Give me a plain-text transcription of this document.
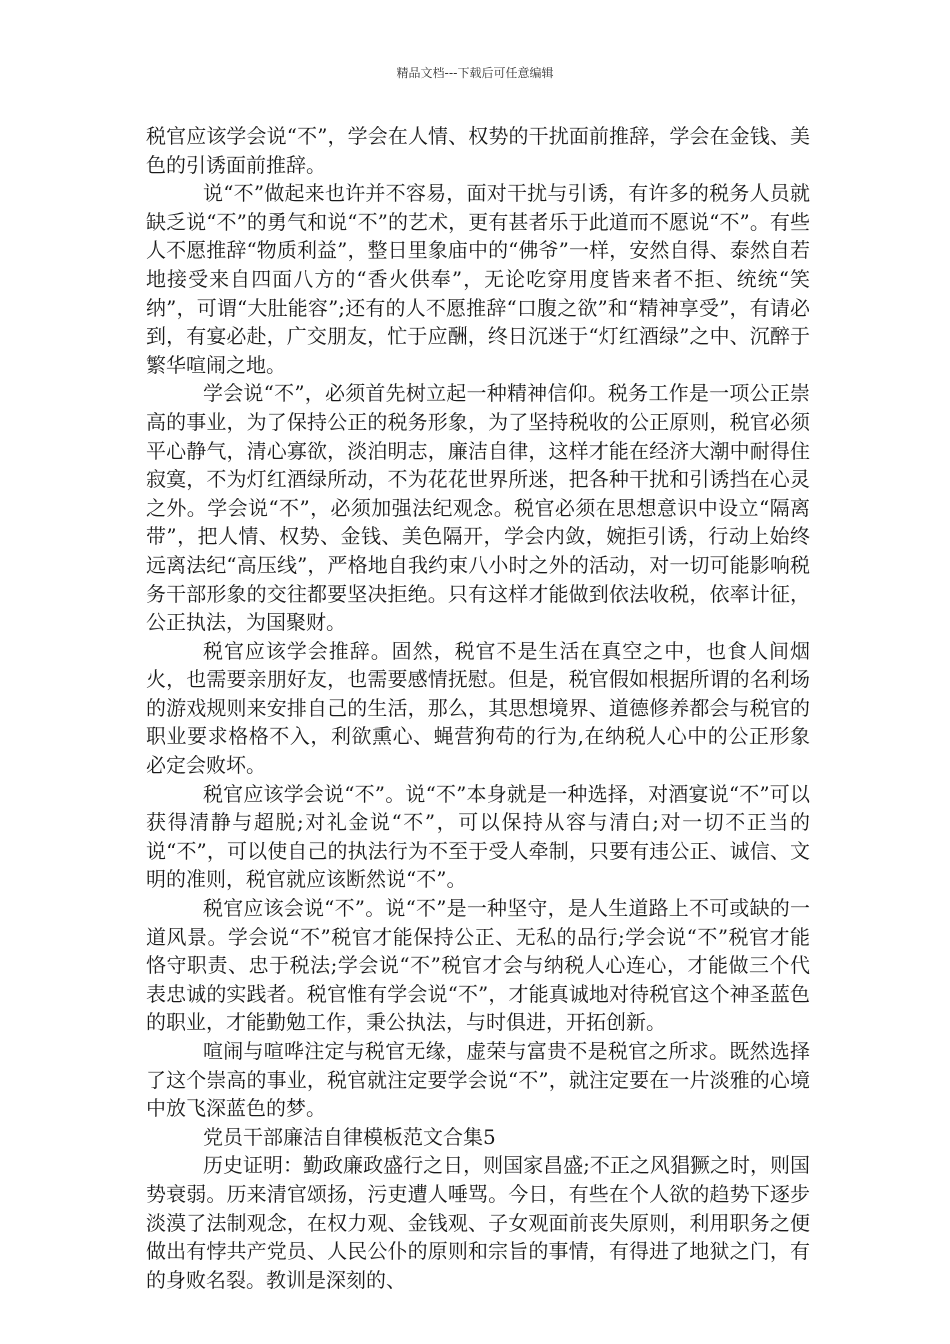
精品文档---下载后可任意编辑

税官应该学会说“不”，学会在人情、权势的干扰面前推辞，学会在金钱、美色的引诱面前推辞。

说“不”做起来也许并不容易，面对干扰与引诱，有许多的税务人员就缺乏说“不”的勇气和说“不”的艺术，更有甚者乐于此道而不愿说“不”。有些人不愿推辞“物质利益”，整日里象庙中的“佛爷”一样，安然自得、泰然自若地接受来自四面八方的“香火供奉”，无论吃穿用度皆来者不拒、统统“笑纳”，可谓“大肚能容”;还有的人不愿推辞“口腹之欲”和“精神享受”，有请必到，有宴必赴，广交朋友，忙于应酬，终日沉迷于“灯红酒绿”之中、沉醉于繁华喧闹之地。

学会说“不”，必须首先树立起一种精神信仰。税务工作是一项公正崇高的事业，为了保持公正的税务形象，为了坚持税收的公正原则，税官必须平心静气，清心寡欲，淡泊明志，廉洁自律，这样才能在经济大潮中耐得住寂寞，不为灯红酒绿所动，不为花花世界所迷，把各种干扰和引诱挡在心灵之外。学会说“不”，必须加强法纪观念。税官必须在思想意识中设立“隔离带”，把人情、权势、金钱、美色隔开，学会内敛，婉拒引诱，行动上始终远离法纪“高压线”，严格地自我约束八小时之外的活动，对一切可能影响税务干部形象的交往都要坚决拒绝。只有这样才能做到依法收税，依率计征，公正执法，为国聚财。

税官应该学会推辞。固然，税官不是生活在真空之中，也食人间烟火，也需要亲朋好友，也需要感情抚慰。但是，税官假如根据所谓的名利场的游戏规则来安排自己的生活，那么，其思想境界、道德修养都会与税官的职业要求格格不入，利欲熏心、蝇营狗苟的行为,在纳税人心中的公正形象必定会败坏。

税官应该学会说“不”。说“不”本身就是一种选择，对酒宴说“不”可以获得清静与超脱;对礼金说“不”，可以保持从容与清白;对一切不正当的说“不”，可以使自己的执法行为不至于受人牵制，只要有违公正、诚信、文明的准则，税官就应该断然说“不”。

税官应该会说“不”。说“不”是一种坚守，是人生道路上不可或缺的一道风景。学会说“不”税官才能保持公正、无私的品行;学会说“不”税官才能恪守职责、忠于税法;学会说“不”税官才会与纳税人心连心，才能做三个代表忠诚的实践者。税官惟有学会说“不”，才能真诚地对待税官这个神圣蓝色的职业，才能勤勉工作，秉公执法，与时俱进，开拓创新。

喧闹与喧哗注定与税官无缘，虚荣与富贵不是税官之所求。既然选择了这个崇高的事业，税官就注定要学会说“不”，就注定要在一片淡雅的心境中放飞深蓝色的梦。

党员干部廉洁自律模板范文合集5

历史证明：勤政廉政盛行之日，则国家昌盛;不正之风猖獗之时，则国势衰弱。历来清官颂扬，污吏遭人唾骂。今日，有些在个人欲的趋势下逐步淡漠了法制观念，在权力观、金钱观、子女观面前丧失原则，利用职务之便做出有悖共产党员、人民公仆的原则和宗旨的事情，有得进了地狱之门，有的身败名裂。教训是深刻的、
